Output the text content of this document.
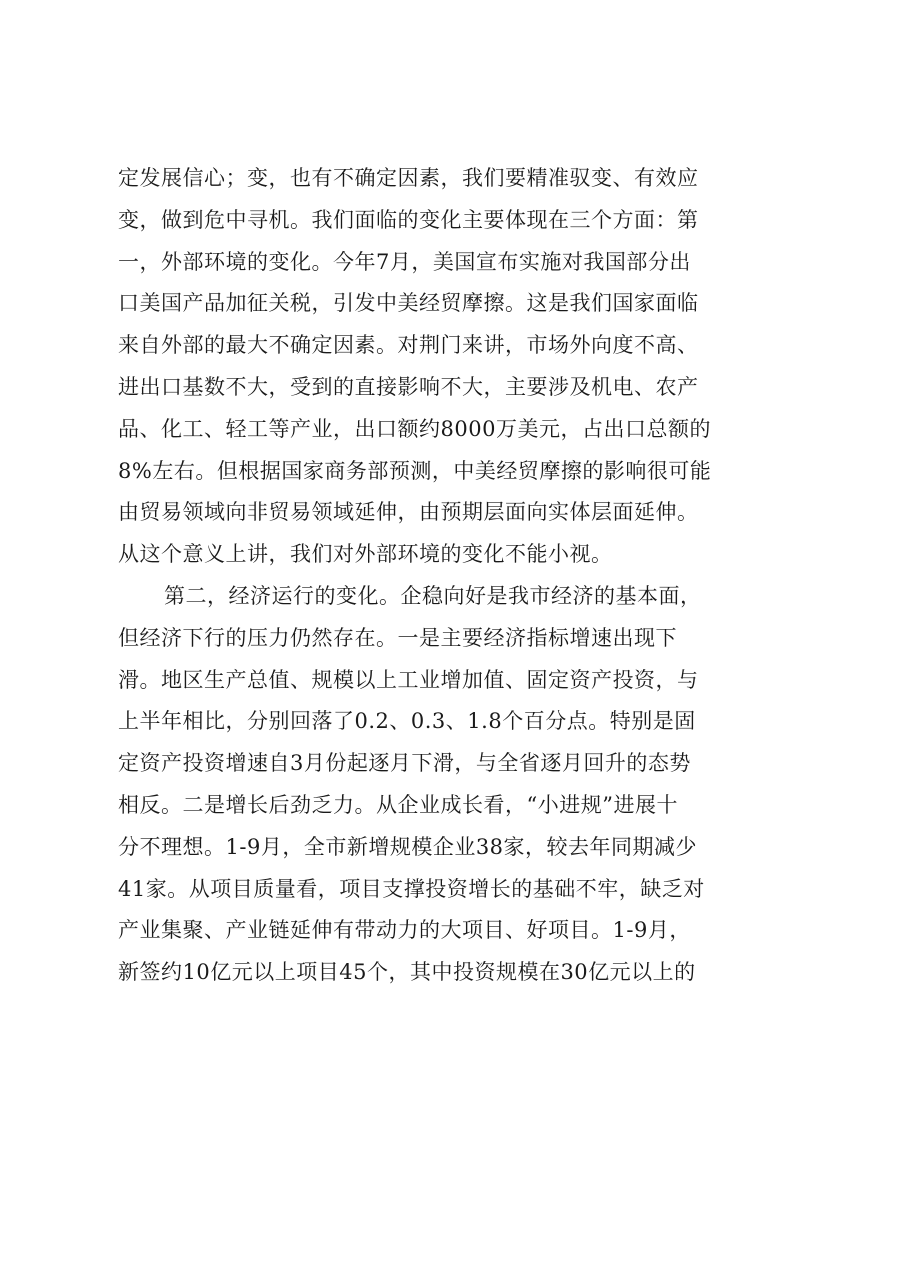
定发展信心；变，也有不确定因素，我们要精准驭变、有效应
变，做到危中寻机。我们面临的变化主要体现在三个方面：第
一，外部环境的变化。今年7月，美国宣布实施对我国部分出
口美国产品加征关税，引发中美经贸摩擦。这是我们国家面临
来自外部的最大不确定因素。对荆门来讲，市场外向度不高、
进出口基数不大，受到的直接影响不大，主要涉及机电、农产
品、化工、轻工等产业，出口额约8000万美元，占出口总额的
8%左右。但根据国家商务部预测，中美经贸摩擦的影响很可能
由贸易领域向非贸易领域延伸，由预期层面向实体层面延伸。
从这个意义上讲，我们对外部环境的变化不能小视。
第二，经济运行的变化。企稳向好是我市经济的基本面，
但经济下行的压力仍然存在。一是主要经济指标增速出现下
滑。地区生产总值、规模以上工业增加值、固定资产投资，与
上半年相比，分别回落了0.2、0.3、1.8个百分点。特别是固
定资产投资增速自3月份起逐月下滑，与全省逐月回升的态势
相反。二是增长后劲乏力。从企业成长看，“小进规”进展十
分不理想。1-9月，全市新增规模企业38家，较去年同期减少
41家。从项目质量看，项目支撑投资增长的基础不牢，缺乏对
产业集聚、产业链延伸有带动力的大项目、好项目。1-9月，
新签约10亿元以上项目45个，其中投资规模在30亿元以上的
